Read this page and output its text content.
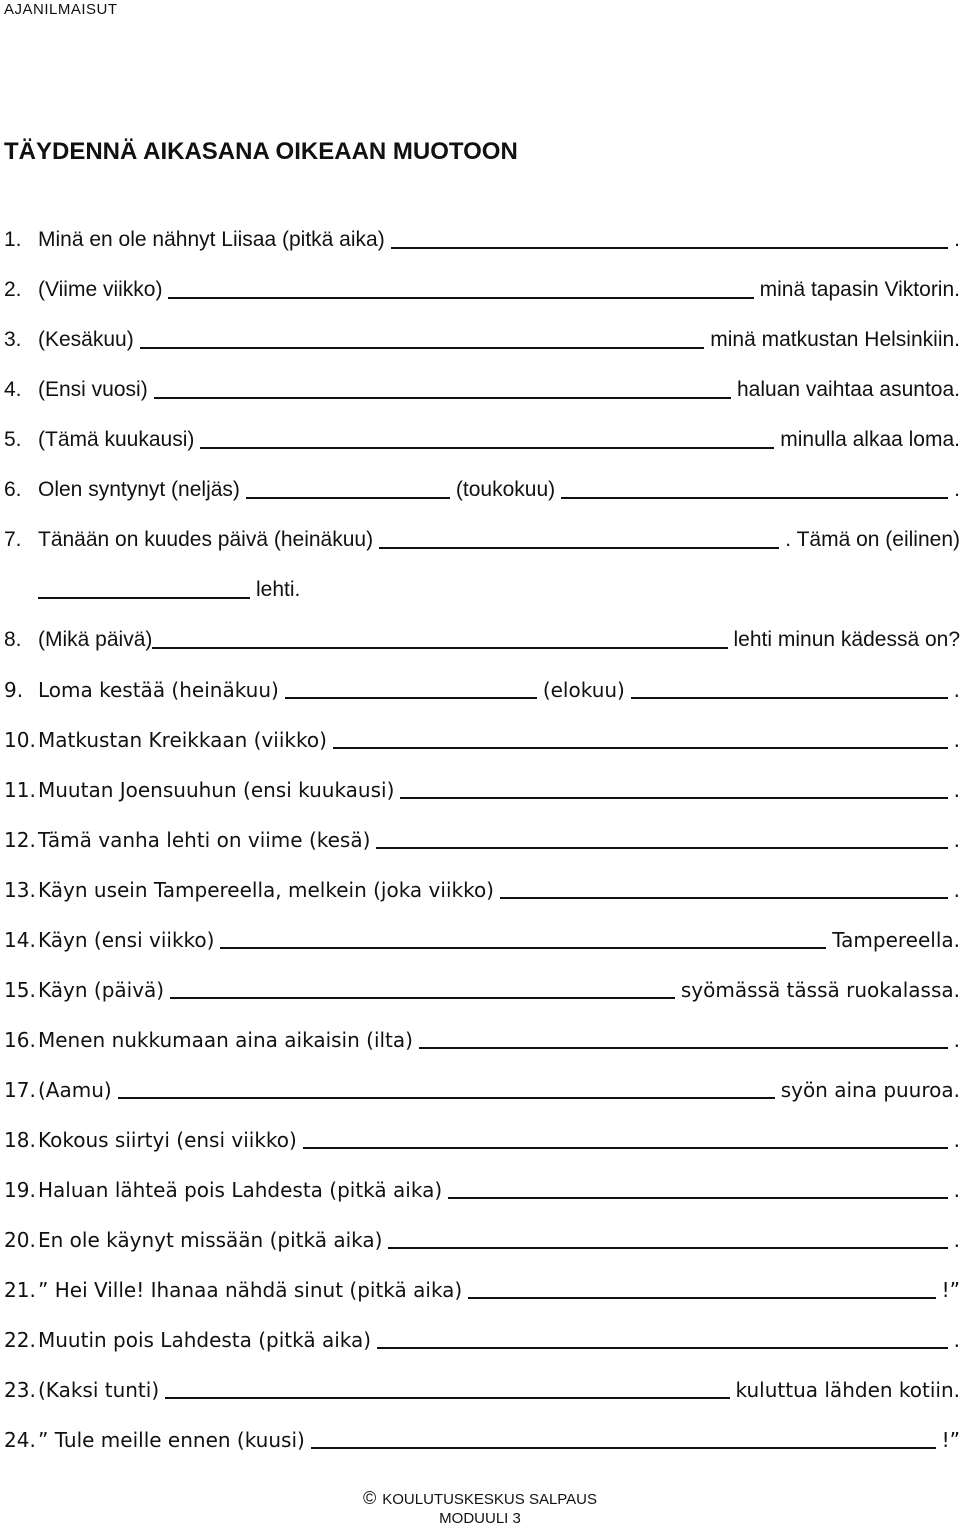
AJANILMAISUT
TÄYDENNÄ AIKASANA OIKEAAN MUOTOON
1. Minä en ole nähnyt Liisaa (pitkä aika)	.
2. (Viime viikko)	minä tapasin Viktorin.
3. (Kesäkuu)	minä matkustan Helsinkiin.
4. (Ensi vuosi)	haluan vaihtaa asuntoa.
5. (Tämä kuukausi)	minulla alkaa loma.
6. Olen syntynyt (neljäs)	(toukokuu)	.
7. Tänään on kuudes päivä (heinäkuu)	. Tämä on (eilinen)
lehti.
8. (Mikä päivä)	lehti minun kädessä on?
9. Loma kestää (heinäkuu)	(elokuu)	.
10. Matkustan Kreikkaan (viikko)	.
11. Muutan Joensuuhun (ensi kuukausi)	.
12. Tämä vanha lehti on viime (kesä)	.
13. Käyn usein Tampereella, melkein (joka viikko)	.
14. Käyn (ensi viikko)	Tampereella.
15. Käyn (päivä)	syömässä tässä ruokalassa.
16. Menen nukkumaan aina aikaisin (ilta)	.
17. (Aamu)	syön aina puuroa.
18. Kokous siirtyi (ensi viikko)	.
19. Haluan lähteä pois Lahdesta (pitkä aika)	.
20. En ole käynyt missään (pitkä aika)	.
21. ” Hei Ville! Ihanaa nähdä sinut (pitkä aika)	!”
22. Muutin pois Lahdesta (pitkä aika)	.
23. (Kaksi tunti)	kuluttua lähden kotiin.
24. ” Tule meille ennen (kuusi)	!”
© KOULUTUSKESKUS SALPAUS
MODUULI 3
